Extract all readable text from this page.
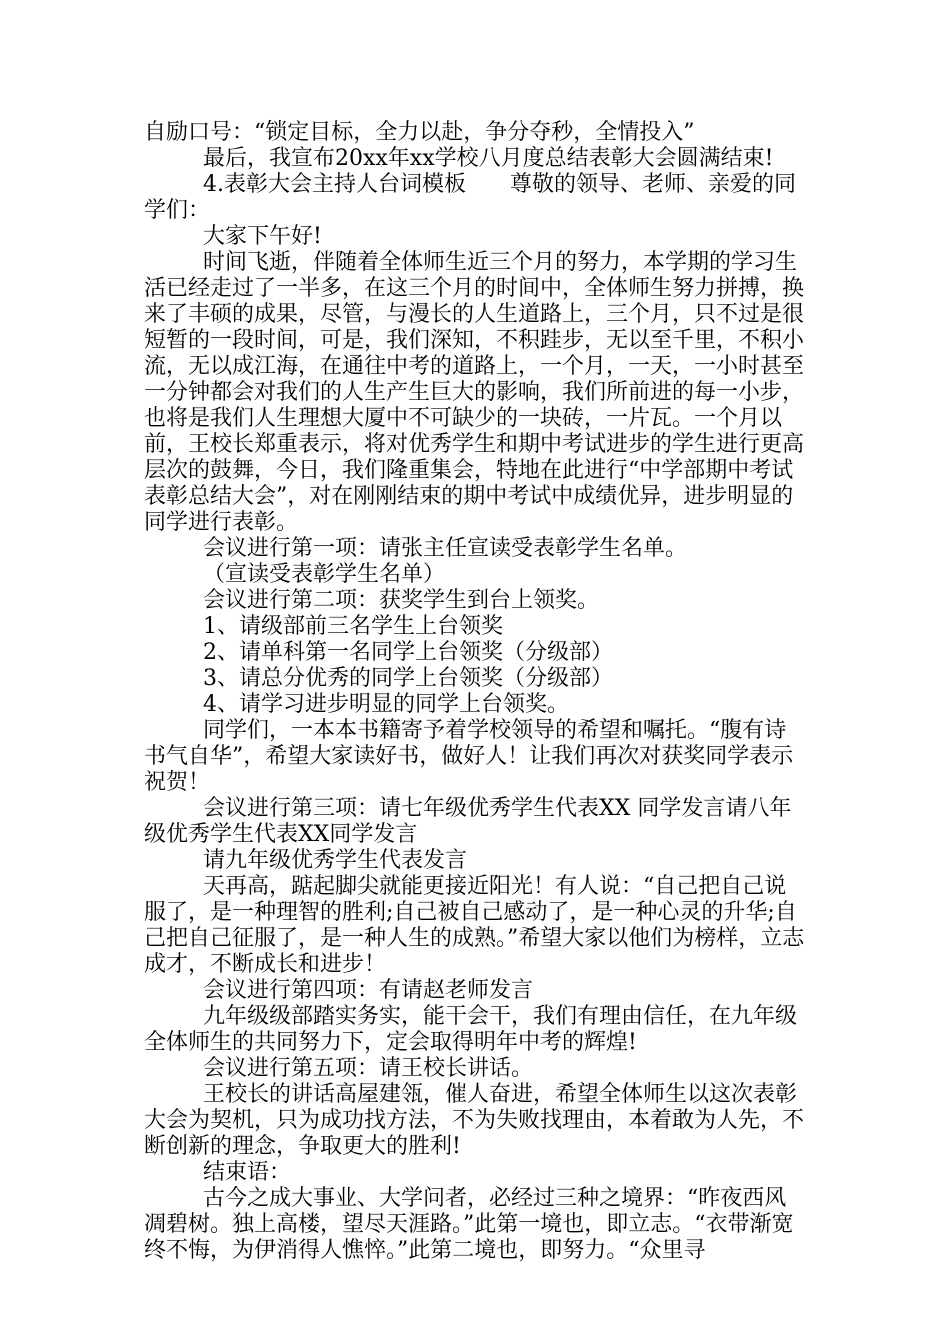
自励口号：“锁定目标，全力以赴，争分夺秒，全情投入”

最后，我宣布20xx年xx学校八月度总结表彰大会圆满结束!

4.表彰大会主持人台词模板　　尊敬的领导、老师、亲爱的同学们：

大家下午好!

时间飞逝，伴随着全体师生近三个月的努力，本学期的学习生活已经走过了一半多，在这三个月的时间中，全体师生努力拼搏，换来了丰硕的成果，尽管，与漫长的人生道路上，三个月，只不过是很短暂的一段时间，可是，我们深知，不积跬步，无以至千里，不积小流，无以成江海，在通往中考的道路上，一个月，一天，一小时甚至一分钟都会对我们的人生产生巨大的影响，我们所前进的每一小步，也将是我们人生理想大厦中不可缺少的一块砖，一片瓦。一个月以前，王校长郑重表示，将对优秀学生和期中考试进步的学生进行更高层次的鼓舞，今日，我们隆重集会，特地在此进行“中学部期中考试表彰总结大会”，对在刚刚结束的期中考试中成绩优异，进步明显的同学进行表彰。

会议进行第一项：请张主任宣读受表彰学生名单。

（宣读受表彰学生名单）

会议进行第二项：获奖学生到台上领奖。

1、请级部前三名学生上台领奖

2、请单科第一名同学上台领奖（分级部）

3、请总分优秀的同学上台领奖（分级部）

4、请学习进步明显的同学上台领奖。

同学们，一本本书籍寄予着学校领导的希望和嘱托。“腹有诗书气自华”，希望大家读好书，做好人！让我们再次对获奖同学表示祝贺！

会议进行第三项：请七年级优秀学生代表XX 同学发言请八年级优秀学生代表XX同学发言

请九年级优秀学生代表发言

天再高，踮起脚尖就能更接近阳光！有人说：“自己把自己说服了，是一种理智的胜利;自己被自己感动了，是一种心灵的升华;自己把自己征服了，是一种人生的成熟。”希望大家以他们为榜样，立志成才，不断成长和进步！

会议进行第四项：有请赵老师发言

九年级级部踏实务实，能干会干，我们有理由信任，在九年级全体师生的共同努力下，定会取得明年中考的辉煌!

会议进行第五项：请王校长讲话。

王校长的讲话高屋建瓴，催人奋进，希望全体师生以这次表彰大会为契机，只为成功找方法，不为失败找理由，本着敢为人先，不断创新的理念，争取更大的胜利!

结束语：

古今之成大事业、大学问者，必经过三种之境界：“昨夜西风凋碧树。独上高楼，望尽天涯路。”此第一境也，即立志。“衣带渐宽终不悔，为伊消得人憔悴。”此第二境也，即努力。“众里寻
